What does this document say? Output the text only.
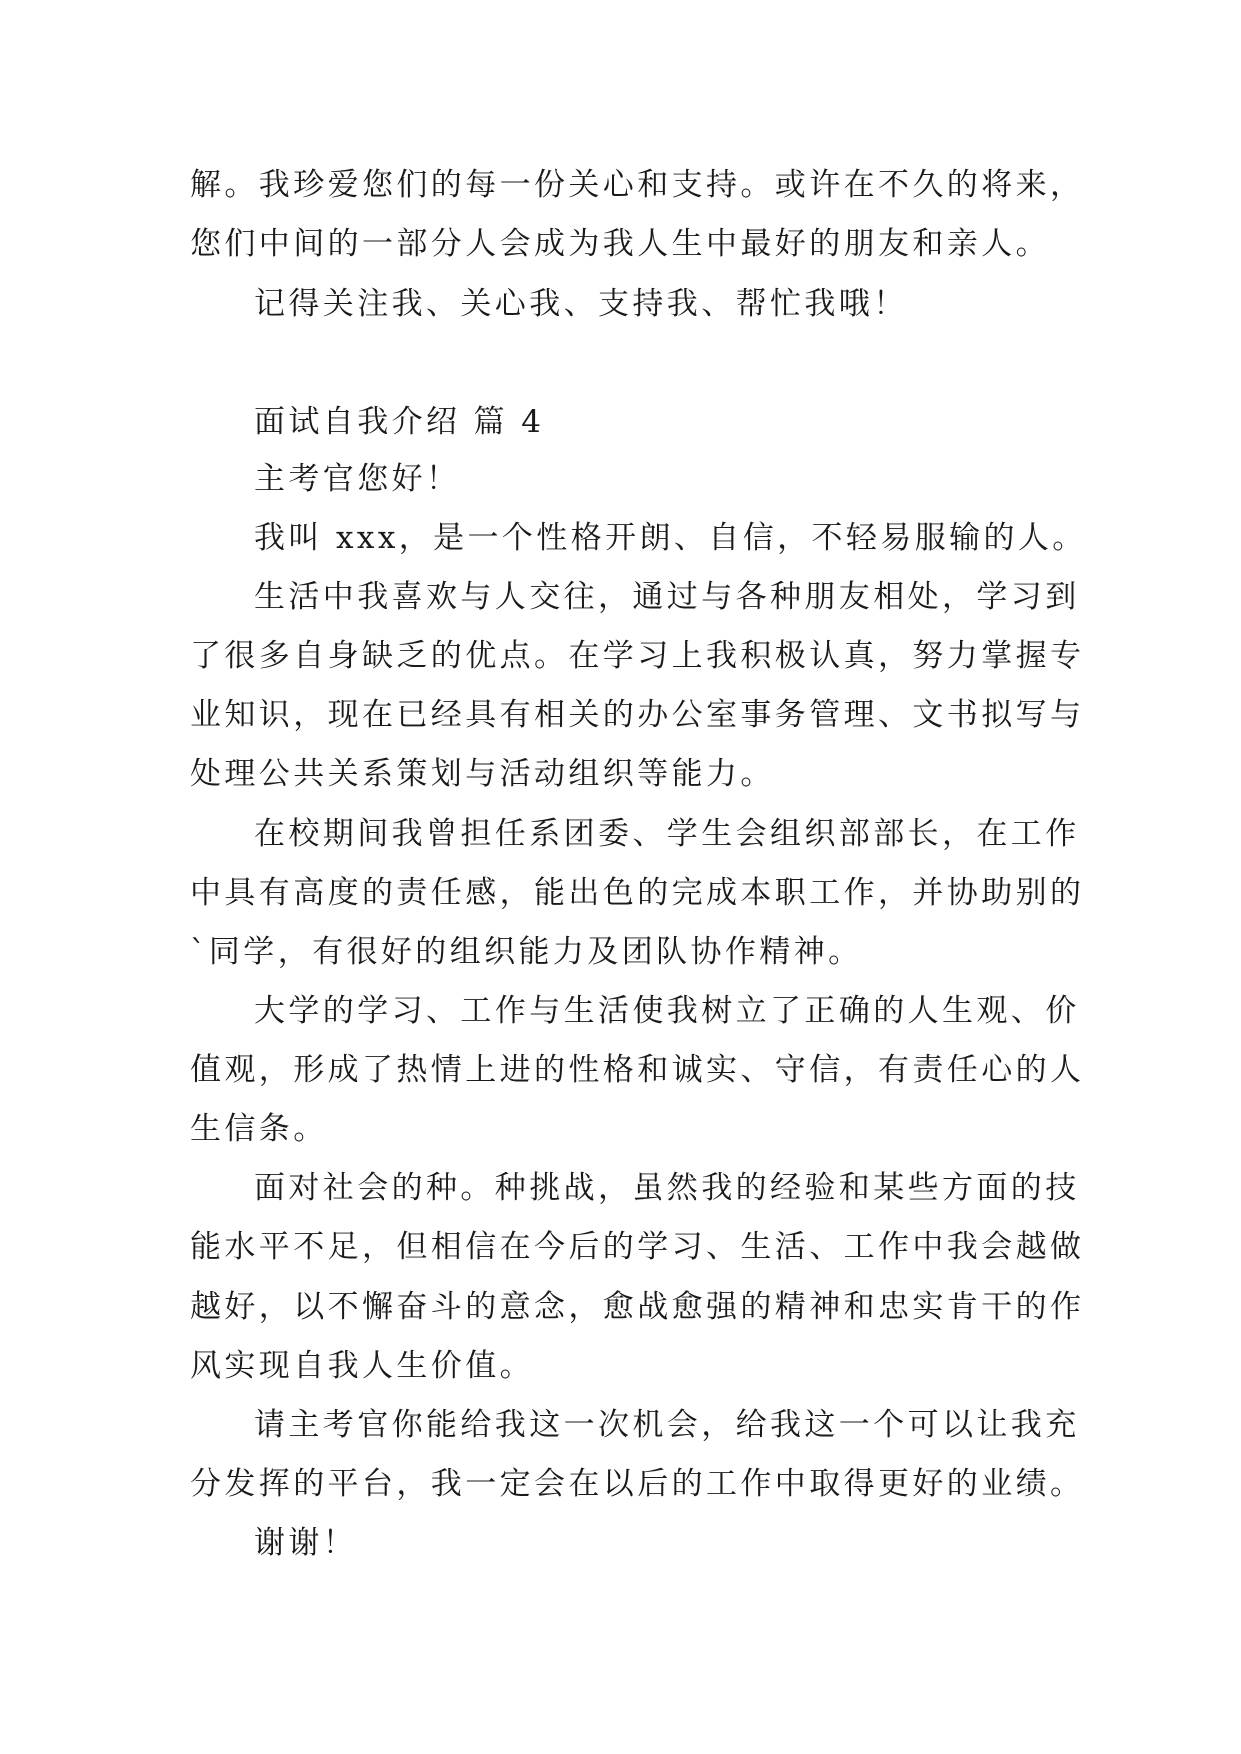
解。我珍爱您们的每一份关心和支持。或许在不久的将来，
您们中间的一部分人会成为我人生中最好的朋友和亲人。
记得关注我、关心我、支持我、帮忙我哦！
面试自我介绍 篇 4
主考官您好！
我叫 xxx，是一个性格开朗、自信，不轻易服输的人。
生活中我喜欢与人交往，通过与各种朋友相处，学习到
了很多自身缺乏的优点。在学习上我积极认真，努力掌握专
业知识，现在已经具有相关的办公室事务管理、文书拟写与
处理公共关系策划与活动组织等能力。
在校期间我曾担任系团委、学生会组织部部长，在工作
中具有高度的责任感，能出色的完成本职工作，并协助别的
`同学，有很好的组织能力及团队协作精神。
大学的学习、工作与生活使我树立了正确的人生观、价
值观，形成了热情上进的性格和诚实、守信，有责任心的人
生信条。
面对社会的种。种挑战，虽然我的经验和某些方面的技
能水平不足，但相信在今后的学习、生活、工作中我会越做
越好，以不懈奋斗的意念，愈战愈强的精神和忠实肯干的作
风实现自我人生价值。
请主考官你能给我这一次机会，给我这一个可以让我充
分发挥的平台，我一定会在以后的工作中取得更好的业绩。
谢谢！
